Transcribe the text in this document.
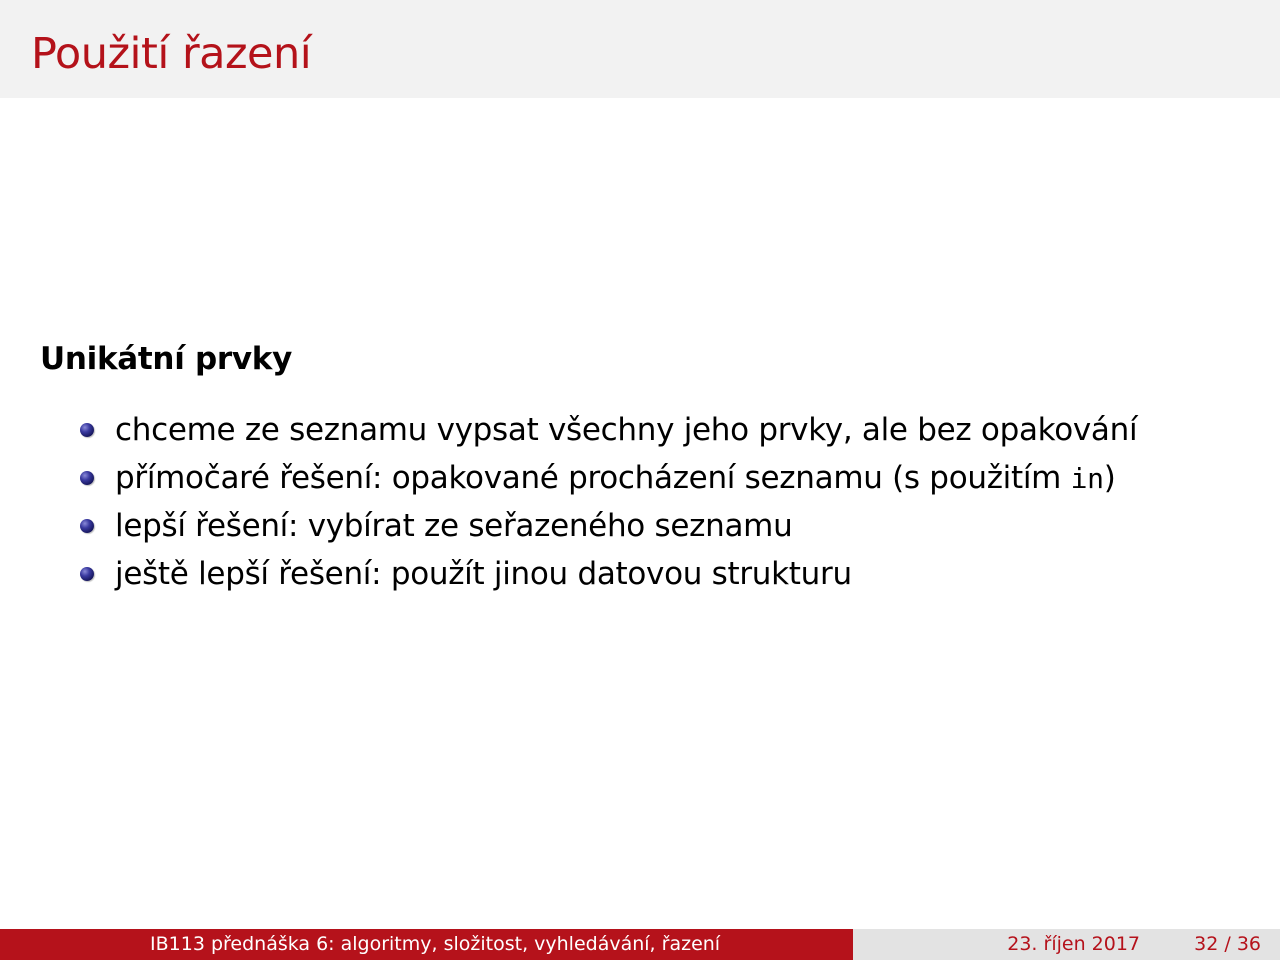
Použití řazení
Unikátní prvky
chceme ze seznamu vypsat všechny jeho prvky, ale bez opakování
přímočaré řešení: opakované procházení seznamu (s použitím in)
lepší řešení: vybírat ze seřazeného seznamu
ještě lepší řešení: použít jinou datovou strukturu
IB113 přednáška 6: algoritmy, složitost, vyhledávání, řazení	23. říjen 2017	32 / 36
